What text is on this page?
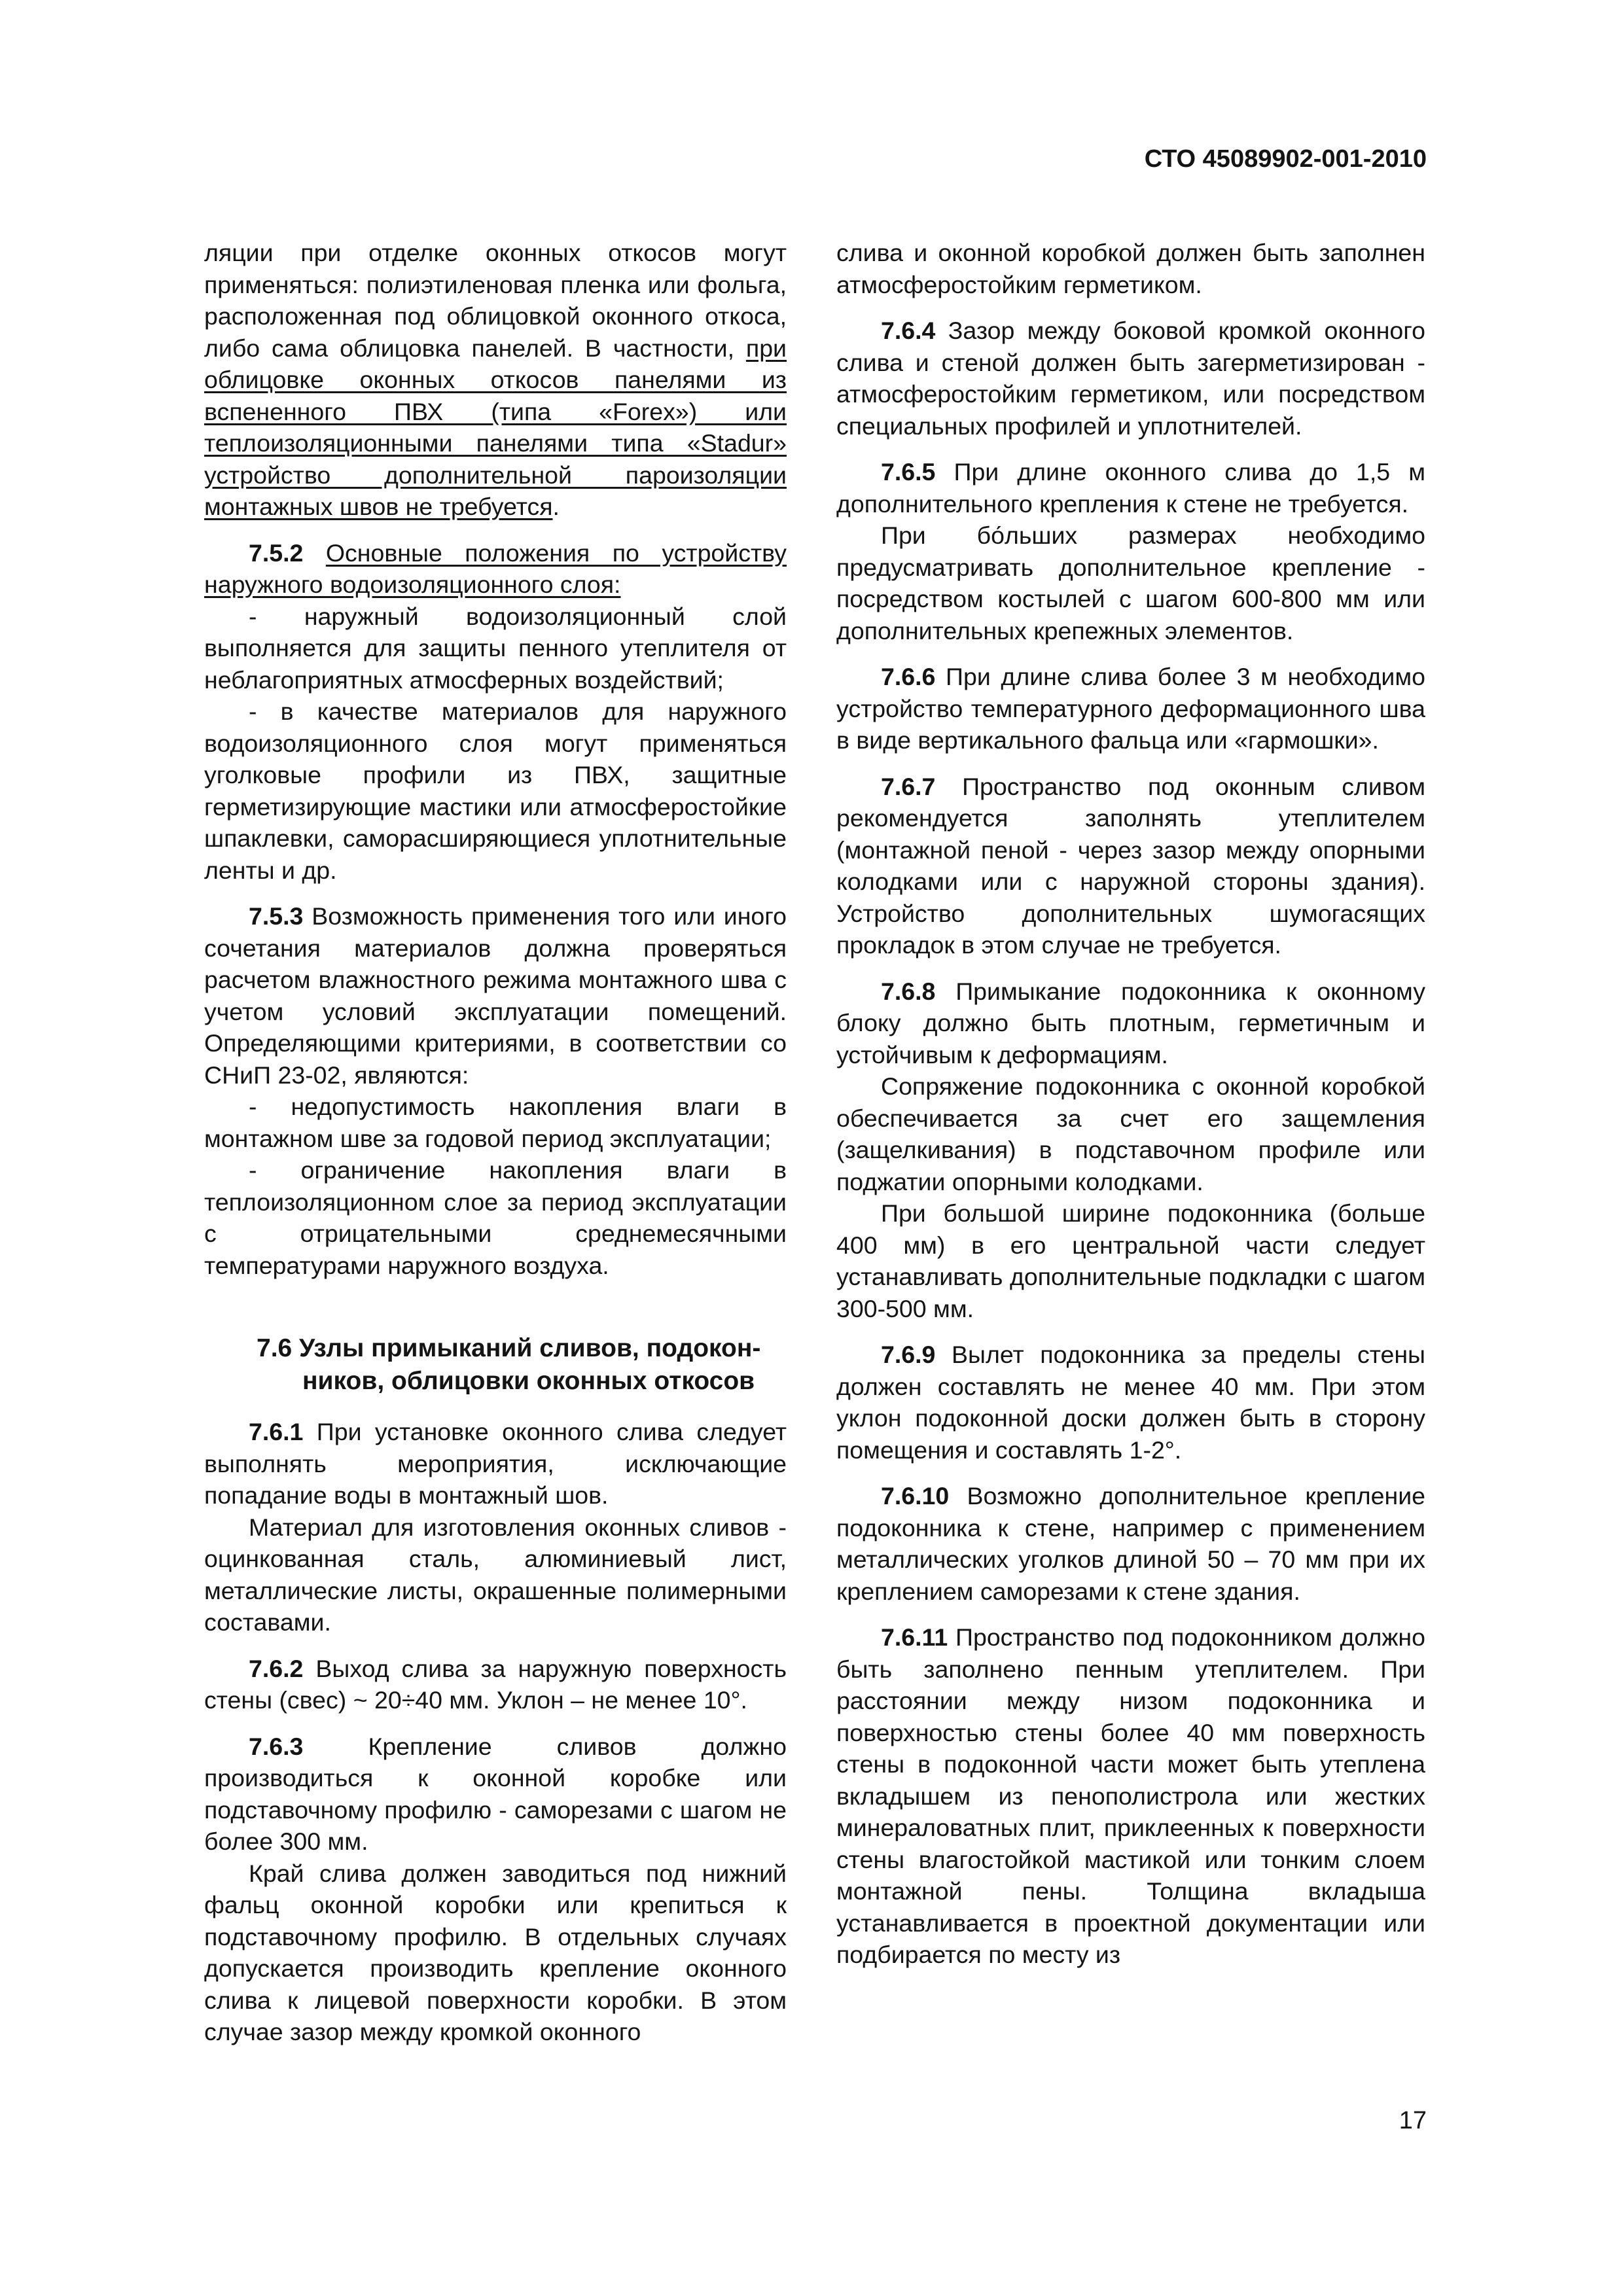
СТО 45089902-001-2010

ляции при отделке оконных откосов могут применяться: полиэтиленовая пленка или фольга, расположенная под облицовкой оконного откоса, либо сама облицовка панелей. В частности, при облицовке оконных откосов панелями из вспененного ПВХ (типа «Forex») или теплоизоляционными панелями типа «Stadur» устройство дополнительной пароизоляции монтажных швов не требуется.

7.5.2 Основные положения по устройству наружного водоизоляционного слоя:

- наружный водоизоляционный слой выполняется для защиты пенного утеплителя от неблагоприятных атмосферных воздействий;

- в качестве материалов для наружного водоизоляционного слоя могут применяться уголковые профили из ПВХ, защитные герметизирующие мастики или атмосферостойкие шпаклевки, саморасширяющиеся уплотнительные ленты и др.

7.5.3 Возможность применения того или иного сочетания материалов должна проверяться расчетом влажностного режима монтажного шва с учетом условий эксплуатации помещений. Определяющими критериями, в соответствии со СНиП 23-02, являются:

- недопустимость накопления влаги в монтажном шве за годовой период эксплуатации;

- ограничение накопления влаги в теплоизоляционном слое за период эксплуатации с отрицательными среднемесячными температурами наружного воздуха.

7.6 Узлы примыканий сливов, подокон-
ников, облицовки оконных откосов

7.6.1 При установке оконного слива следует выполнять мероприятия, исключающие попадание воды в монтажный шов.

Материал для изготовления оконных сливов - оцинкованная сталь, алюминиевый лист, металлические листы, окрашенные полимерными составами.

7.6.2 Выход слива за наружную поверхность стены (свес) ~ 20÷40 мм. Уклон – не менее 10°.

7.6.3	Крепление сливов должно производиться к оконной коробке или подставочному профилю - саморезами с шагом не более 300 мм.

Край слива должен заводиться под нижний фальц оконной коробки или крепиться к подставочному профилю. В отдельных случаях допускается производить крепление оконного слива к лицевой поверхности коробки. В этом случае зазор между кромкой оконного

слива и оконной коробкой должен быть заполнен атмосферостойким герметиком.

7.6.4 Зазор между боковой кромкой оконного слива и стеной должен быть загерметизирован - атмосферостойким герметиком, или посредством специальных профилей и уплотнителей.

7.6.5 При длине оконного слива до 1,5 м дополнительного крепления к стене не требуется.

При бо́льших размерах необходимо предусматривать дополнительное крепление - посредством костылей с шагом 600-800 мм или дополнительных крепежных элементов.

7.6.6 При длине слива более 3 м необходимо устройство температурного деформационного шва в виде вертикального фальца или «гармошки».

7.6.7 Пространство под оконным сливом рекомендуется заполнять утеплителем (монтажной пеной - через зазор между опорными колодками или с наружной стороны здания). Устройство дополнительных шумогасящих прокладок в этом случае не требуется.

7.6.8 Примыкание подоконника к оконному блоку должно быть плотным, герметичным и устойчивым к деформациям.

Сопряжение подоконника с оконной коробкой обеспечивается за счет его защемления (защелкивания) в подставочном профиле или поджатии опорными колодками.

При большой ширине подоконника (больше 400 мм) в его центральной части следует устанавливать дополнительные подкладки с шагом 300-500 мм.

7.6.9 Вылет подоконника за пределы стены должен составлять не менее 40 мм. При этом уклон подоконной доски должен быть в сторону помещения и составлять 1-2°.

7.6.10 Возможно дополнительное крепление подоконника к стене, например с применением металлических уголков длиной 50 – 70 мм при их креплением саморезами к стене здания.

7.6.11 Пространство под подоконником должно быть заполнено пенным утеплителем. При расстоянии между низом подоконника и поверхностью стены более 40 мм поверхность стены в подоконной части может быть утеплена вкладышем из пенополистрола или жестких минераловатных плит, приклеенных к поверхности стены влагостойкой мастикой или тонким слоем монтажной пены. Толщина вкладыша устанавливается в проектной документации или подбирается по месту из

17
